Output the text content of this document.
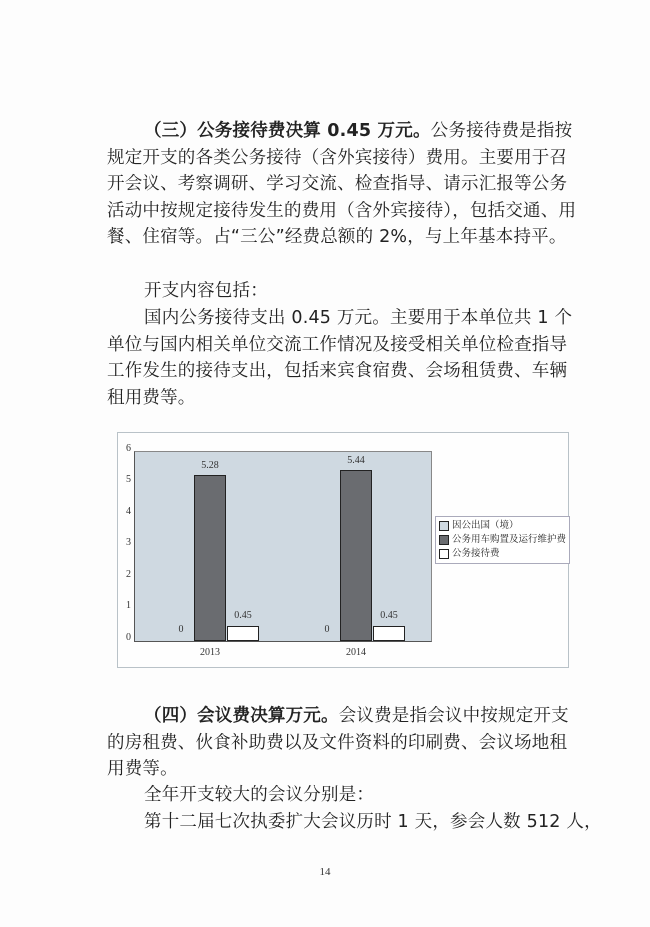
（三）公务接待费决算 0.45 万元。公务接待费是指按规定开支的各类公务接待（含外宾接待）费用。主要用于召开会议、考察调研、学习交流、检查指导、请示汇报等公务活动中按规定接待发生的费用（含外宾接待），包括交通、用餐、住宿等。占“三公”经费总额的 2%，与上年基本持平。

开支内容包括：

国内公务接待支出 0.45 万元。主要用于本单位共 1 个单位与国内相关单位交流工作情况及接受相关单位检查指导工作发生的接待支出，包括来宾食宿费、会场租赁费、车辆租用费等。

6
5
4
3
2
1
0
0
5.28
0.45
0
5.44
0.45
2013	2014
因公出国（境）
公务用车购置及运行维护费
公务接待费

（四）会议费决算万元。会议费是指会议中按规定开支的房租费、伙食补助费以及文件资料的印刷费、会议场地租用费等。

全年开支较大的会议分别是：

第十二届七次执委扩大会议历时 1 天，参会人数 512 人，

14
